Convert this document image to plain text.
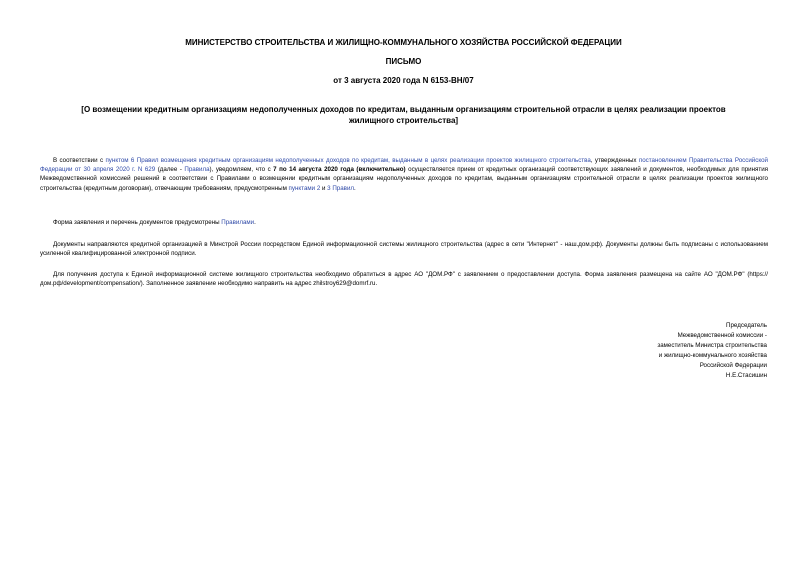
МИНИСТЕРСТВО СТРОИТЕЛЬСТВА И ЖИЛИЩНО-КОММУНАЛЬНОГО ХОЗЯЙСТВА РОССИЙСКОЙ ФЕДЕРАЦИИ
ПИСЬМО
от 3 августа 2020 года N 6153-ВН/07
[О возмещении кредитным организациям недополученных доходов по кредитам, выданным организациям строительной отрасли в целях реализации проектов жилищного строительства]
В соответствии с пунктом 6 Правил возмещения кредитным организациям недополученных доходов по кредитам, выданным в целях реализации проектов жилищного строительства, утвержденных постановлением Правительства Российской Федерации от 30 апреля 2020 г. N 629 (далее - Правила), уведомляем, что с 7 по 14 августа 2020 года (включительно) осуществляется прием от кредитных организаций соответствующих заявлений и документов, необходимых для принятия Межведомственной комиссией решений в соответствии с Правилами о возмещении кредитным организациям недополученных доходов по кредитам, выданным организациям строительной отрасли в целях реализации проектов жилищного строительства (кредитным договорам), отвечающим требованиям, предусмотренным пунктами 2 и 3 Правил.
Форма заявления и перечень документов предусмотрены Правилами.
Документы направляются кредитной организацией в Минстрой России посредством Единой информационной системы жилищного строительства (адрес в сети "Интернет" - наш.дом.рф). Документы должны быть подписаны с использованием усиленной квалифицированной электронной подписи.
Для получения доступа к Единой информационной системе жилищного строительства необходимо обратиться в адрес АО "ДОМ.РФ" с заявлением о предоставлении доступа. Форма заявления размещена на сайте АО "ДОМ.РФ" (https://дом.рф/development/compensation/). Заполненное заявление необходимо направить на адрес zhilstroy629@domrf.ru.
Председатель
Межведомственной комиссии -
заместитель Министра строительства
и жилищно-коммунального хозяйства
Российской Федерации
Н.Е.Стасишин
